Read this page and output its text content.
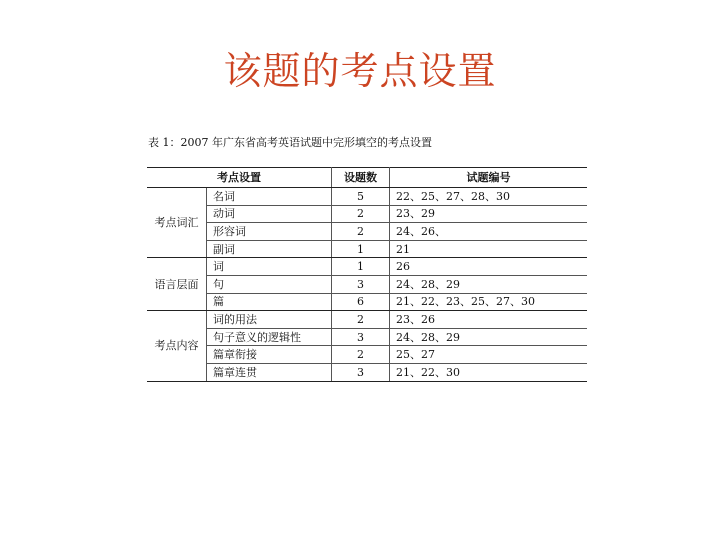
该题的考点设置
表 1：2007 年广东省高考英语试题中完形填空的考点设置
考点设置		设题数	试题编号
考点词汇	名词	5	22、25、27、28、30
	动词	2	23、29
	形容词	2	24、26、
	副词	1	21
语言层面	词	1	26
	句	3	24、28、29
	篇	6	21、22、23、25、27、30
考点内容	词的用法	2	23、26
	句子意义的逻辑性	3	24、28、29
	篇章衔接	2	25、27
	篇章连贯	3	21、22、30
